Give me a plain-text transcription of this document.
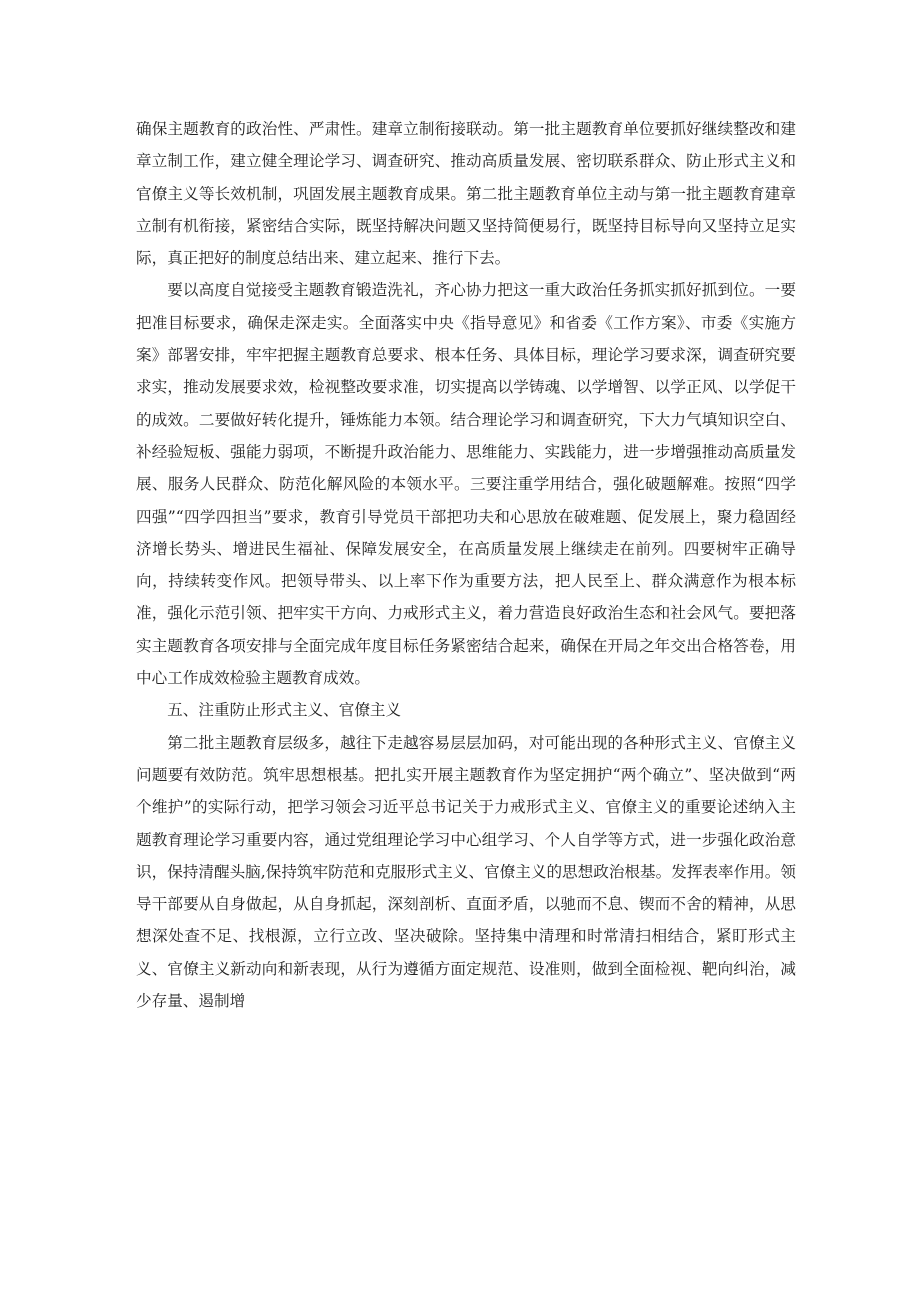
确保主题教育的政治性、严肃性。建章立制衔接联动。第一批主题教育单位要抓好继续整改和建章立制工作，建立健全理论学习、调查研究、推动高质量发展、密切联系群众、防止形式主义和官僚主义等长效机制，巩固发展主题教育成果。第二批主题教育单位主动与第一批主题教育建章立制有机衔接，紧密结合实际，既坚持解决问题又坚持简便易行，既坚持目标导向又坚持立足实际，真正把好的制度总结出来、建立起来、推行下去。

要以高度自觉接受主题教育锻造洗礼，齐心协力把这一重大政治任务抓实抓好抓到位。一要把准目标要求，确保走深走实。全面落实中央《指导意见》和省委《工作方案》、市委《实施方案》部署安排，牢牢把握主题教育总要求、根本任务、具体目标，理论学习要求深，调查研究要求实，推动发展要求效，检视整改要求准，切实提高以学铸魂、以学增智、以学正风、以学促干的成效。二要做好转化提升，锤炼能力本领。结合理论学习和调查研究，下大力气填知识空白、补经验短板、强能力弱项，不断提升政治能力、思维能力、实践能力，进一步增强推动高质量发展、服务人民群众、防范化解风险的本领水平。三要注重学用结合，强化破题解难。按照“四学四强”“四学四担当”要求，教育引导党员干部把功夫和心思放在破难题、促发展上，聚力稳固经济增长势头、增进民生福祉、保障发展安全，在高质量发展上继续走在前列。四要树牢正确导向，持续转变作风。把领导带头、以上率下作为重要方法，把人民至上、群众满意作为根本标准，强化示范引领、把牢实干方向、力戒形式主义，着力营造良好政治生态和社会风气。要把落实主题教育各项安排与全面完成年度目标任务紧密结合起来，确保在开局之年交出合格答卷，用中心工作成效检验主题教育成效。

五、注重防止形式主义、官僚主义

第二批主题教育层级多，越往下走越容易层层加码，对可能出现的各种形式主义、官僚主义问题要有效防范。筑牢思想根基。把扎实开展主题教育作为坚定拥护“两个确立”、坚决做到“两个维护”的实际行动，把学习领会习近平总书记关于力戒形式主义、官僚主义的重要论述纳入主题教育理论学习重要内容，通过党组理论学习中心组学习、个人自学等方式，进一步强化政治意识，保持清醒头脑,保持筑牢防范和克服形式主义、官僚主义的思想政治根基。发挥表率作用。领导干部要从自身做起，从自身抓起，深刻剖析、直面矛盾，以驰而不息、锲而不舍的精神，从思想深处查不足、找根源，立行立改、坚决破除。坚持集中清理和时常清扫相结合，紧盯形式主义、官僚主义新动向和新表现，从行为遵循方面定规范、设准则，做到全面检视、靶向纠治，减少存量、遏制增
